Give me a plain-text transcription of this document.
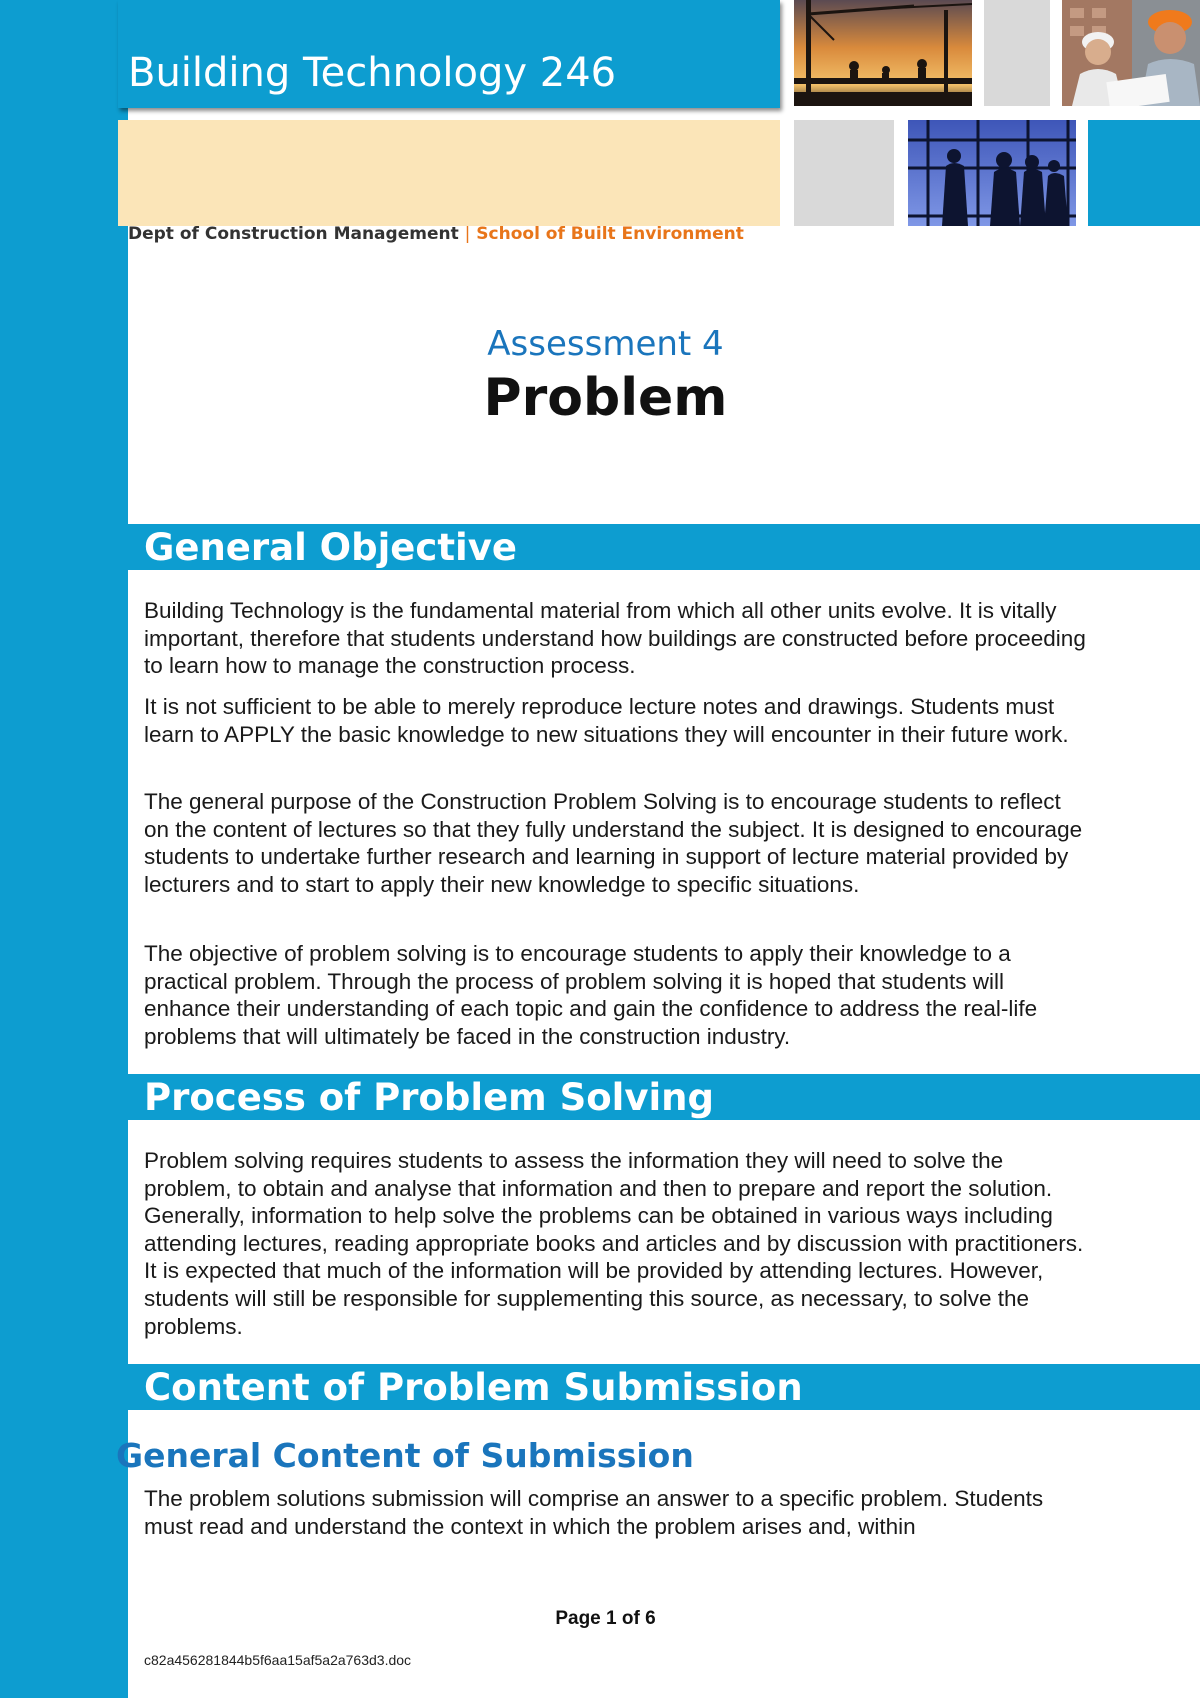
Building Technology 246
Dept of Construction Management | School of Built Environment
Assessment 4
Problem
General Objective

Building Technology is the fundamental material from which all other units evolve. It is vitally important, therefore that students understand how buildings are constructed before proceeding to learn how to manage the construction process.

It is not sufficient to be able to merely reproduce lecture notes and drawings. Students must learn to APPLY the basic knowledge to new situations they will encounter in their future work.

The general purpose of the Construction Problem Solving is to encourage students to reflect on the content of lectures so that they fully understand the subject. It is designed to encourage students to undertake further research and learning in support of lecture material provided by lecturers and to start to apply their new knowledge to specific situations.

The objective of problem solving is to encourage students to apply their knowledge to a practical problem. Through the process of problem solving it is hoped that students will enhance their understanding of each topic and gain the confidence to address the real-life problems that will ultimately be faced in the construction industry.

Process of Problem Solving

Problem solving requires students to assess the information they will need to solve the problem, to obtain and analyse that information and then to prepare and report the solution. Generally, information to help solve the problems can be obtained in various ways including attending lectures, reading appropriate books and articles and by discussion with practitioners. It is expected that much of the information will be provided by attending lectures. However, students will still be responsible for supplementing this source, as necessary, to solve the problems.

Content of Problem Submission
General Content of Submission

The problem solutions submission will comprise an answer to a specific problem. Students must read and understand the context in which the problem arises and, within

Page 1 of 6
c82a456281844b5f6aa15af5a2a763d3.doc
